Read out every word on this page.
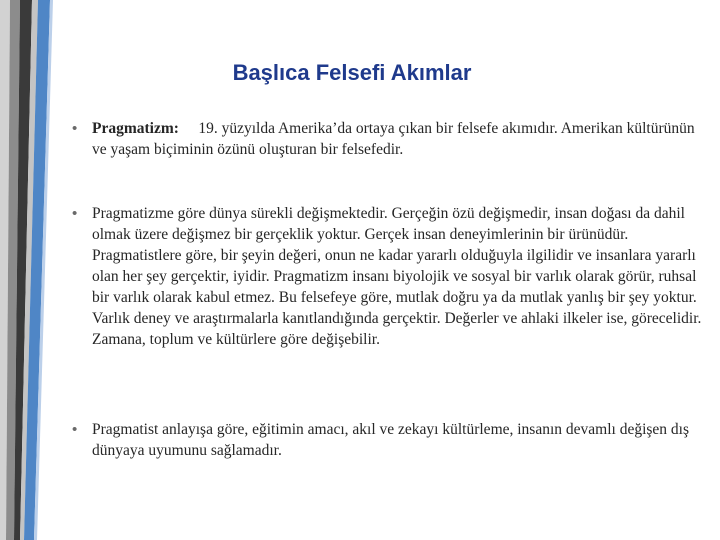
Başlıca Felsefi Akımlar
• Pragmatizm: 19. yüzyılda Amerika’da ortaya çıkan bir felsefe akımıdır. Amerikan kültürünün ve yaşam biçiminin özünü oluşturan bir felsefedir.

• Pragmatizme göre dünya sürekli değişmektedir. Gerçeğin özü değişmedir, insan doğası da dahil olmak üzere değişmez bir gerçeklik yoktur. Gerçek insan deneyimlerinin bir ürünüdür. Pragmatistlere göre, bir şeyin değeri, onun ne kadar yararlı olduğuyla ilgilidir ve insanlara yararlı olan her şey gerçektir, iyidir. Pragmatizm insanı biyolojik ve sosyal bir varlık olarak görür, ruhsal bir varlık olarak kabul etmez. Bu felsefeye göre, mutlak doğru ya da mutlak yanlış bir şey yoktur. Varlık deney ve araştırmalarla kanıtlandığında gerçektir. Değerler ve ahlaki ilkeler ise, görecelidir. Zamana, toplum ve kültürlere göre değişebilir.

• Pragmatist anlayışa göre, eğitimin amacı, akıl ve zekayı kültürleme, insanın devamlı değişen dış dünyaya uyumunu sağlamadır.
